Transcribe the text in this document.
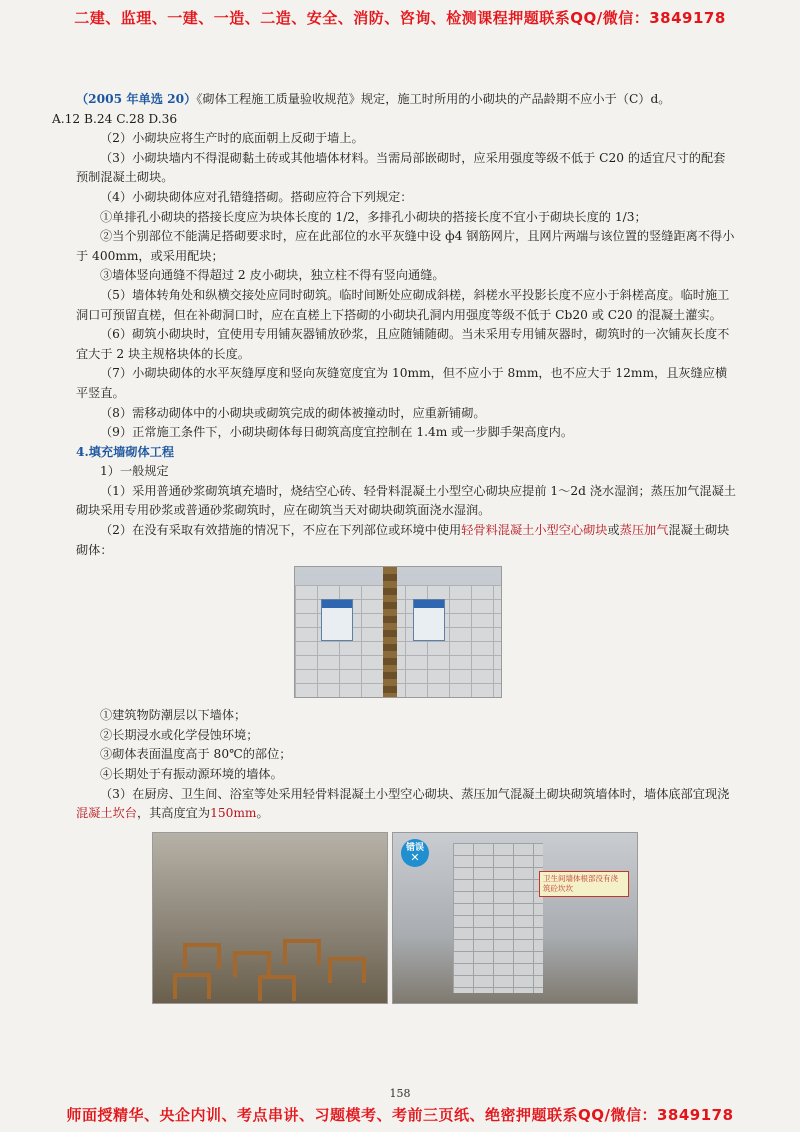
二建、监理、一建、一造、二造、安全、消防、咨询、检测课程押题联系QQ/微信：3849178

（2005 年单选 20）《砌体工程施工质量验收规范》规定，施工时所用的小砌块的产品龄期不应小于（C）d。

A.12 B.24 C.28 D.36

（2）小砌块应将生产时的底面朝上反砌于墙上。

（3）小砌块墙内不得混砌黏土砖或其他墙体材料。当需局部嵌砌时，应采用强度等级不低于 C20 的适宜尺寸的配套预制混凝土砌块。

（4）小砌块砌体应对孔错缝搭砌。搭砌应符合下列规定：

①单排孔小砌块的搭接长度应为块体长度的 1/2，多排孔小砌块的搭接长度不宜小于砌块长度的 1/3；

②当个别部位不能满足搭砌要求时，应在此部位的水平灰缝中设 ф4 钢筋网片，且网片两端与该位置的竖缝距离不得小于 400mm，或采用配块；

③墙体竖向通缝不得超过 2 皮小砌块，独立柱不得有竖向通缝。

（5）墙体转角处和纵横交接处应同时砌筑。临时间断处应砌成斜槎，斜槎水平投影长度不应小于斜槎高度。临时施工洞口可预留直槎，但在补砌洞口时，应在直槎上下搭砌的小砌块孔洞内用强度等级不低于 Cb20 或 C20 的混凝土灌实。

（6）砌筑小砌块时，宜使用专用铺灰器铺放砂浆，且应随铺随砌。当未采用专用铺灰器时，砌筑时的一次铺灰长度不宜大于 2 块主规格块体的长度。

（7）小砌块砌体的水平灰缝厚度和竖向灰缝宽度宜为 10mm，但不应小于 8mm，也不应大于 12mm，且灰缝应横平竖直。

（8）需移动砌体中的小砌块或砌筑完成的砌体被撞动时，应重新铺砌。

（9）正常施工条件下，小砌块砌体每日砌筑高度宜控制在 1.4m 或一步脚手架高度内。

4.填充墙砌体工程

1）一般规定

（1）采用普通砂浆砌筑填充墙时，烧结空心砖、轻骨料混凝土小型空心砌块应提前 1～2d 浇水湿润；蒸压加气混凝土砌块采用专用砂浆或普通砂浆砌筑时，应在砌筑当天对砌块砌筑面浇水湿润。

（2）在没有采取有效措施的情况下，不应在下列部位或环境中使用轻骨料混凝土小型空心砌块或蒸压加气混凝土砌块砌体：

①建筑物防潮层以下墙体；

②长期浸水或化学侵蚀环境；

③砌体表面温度高于 80℃的部位；

④长期处于有振动源环境的墙体。

（3）在厨房、卫生间、浴室等处采用轻骨料混凝土小型空心砌块、蒸压加气混凝土砌块砌筑墙体时，墙体底部宜现浇混凝土坎台，其高度宜为150mm。

错误
✕
卫生间墙体根部没有浇筑砼坎坎
158
师面授精华、央企内训、考点串讲、习题模考、考前三页纸、绝密押题联系QQ/微信：3849178
